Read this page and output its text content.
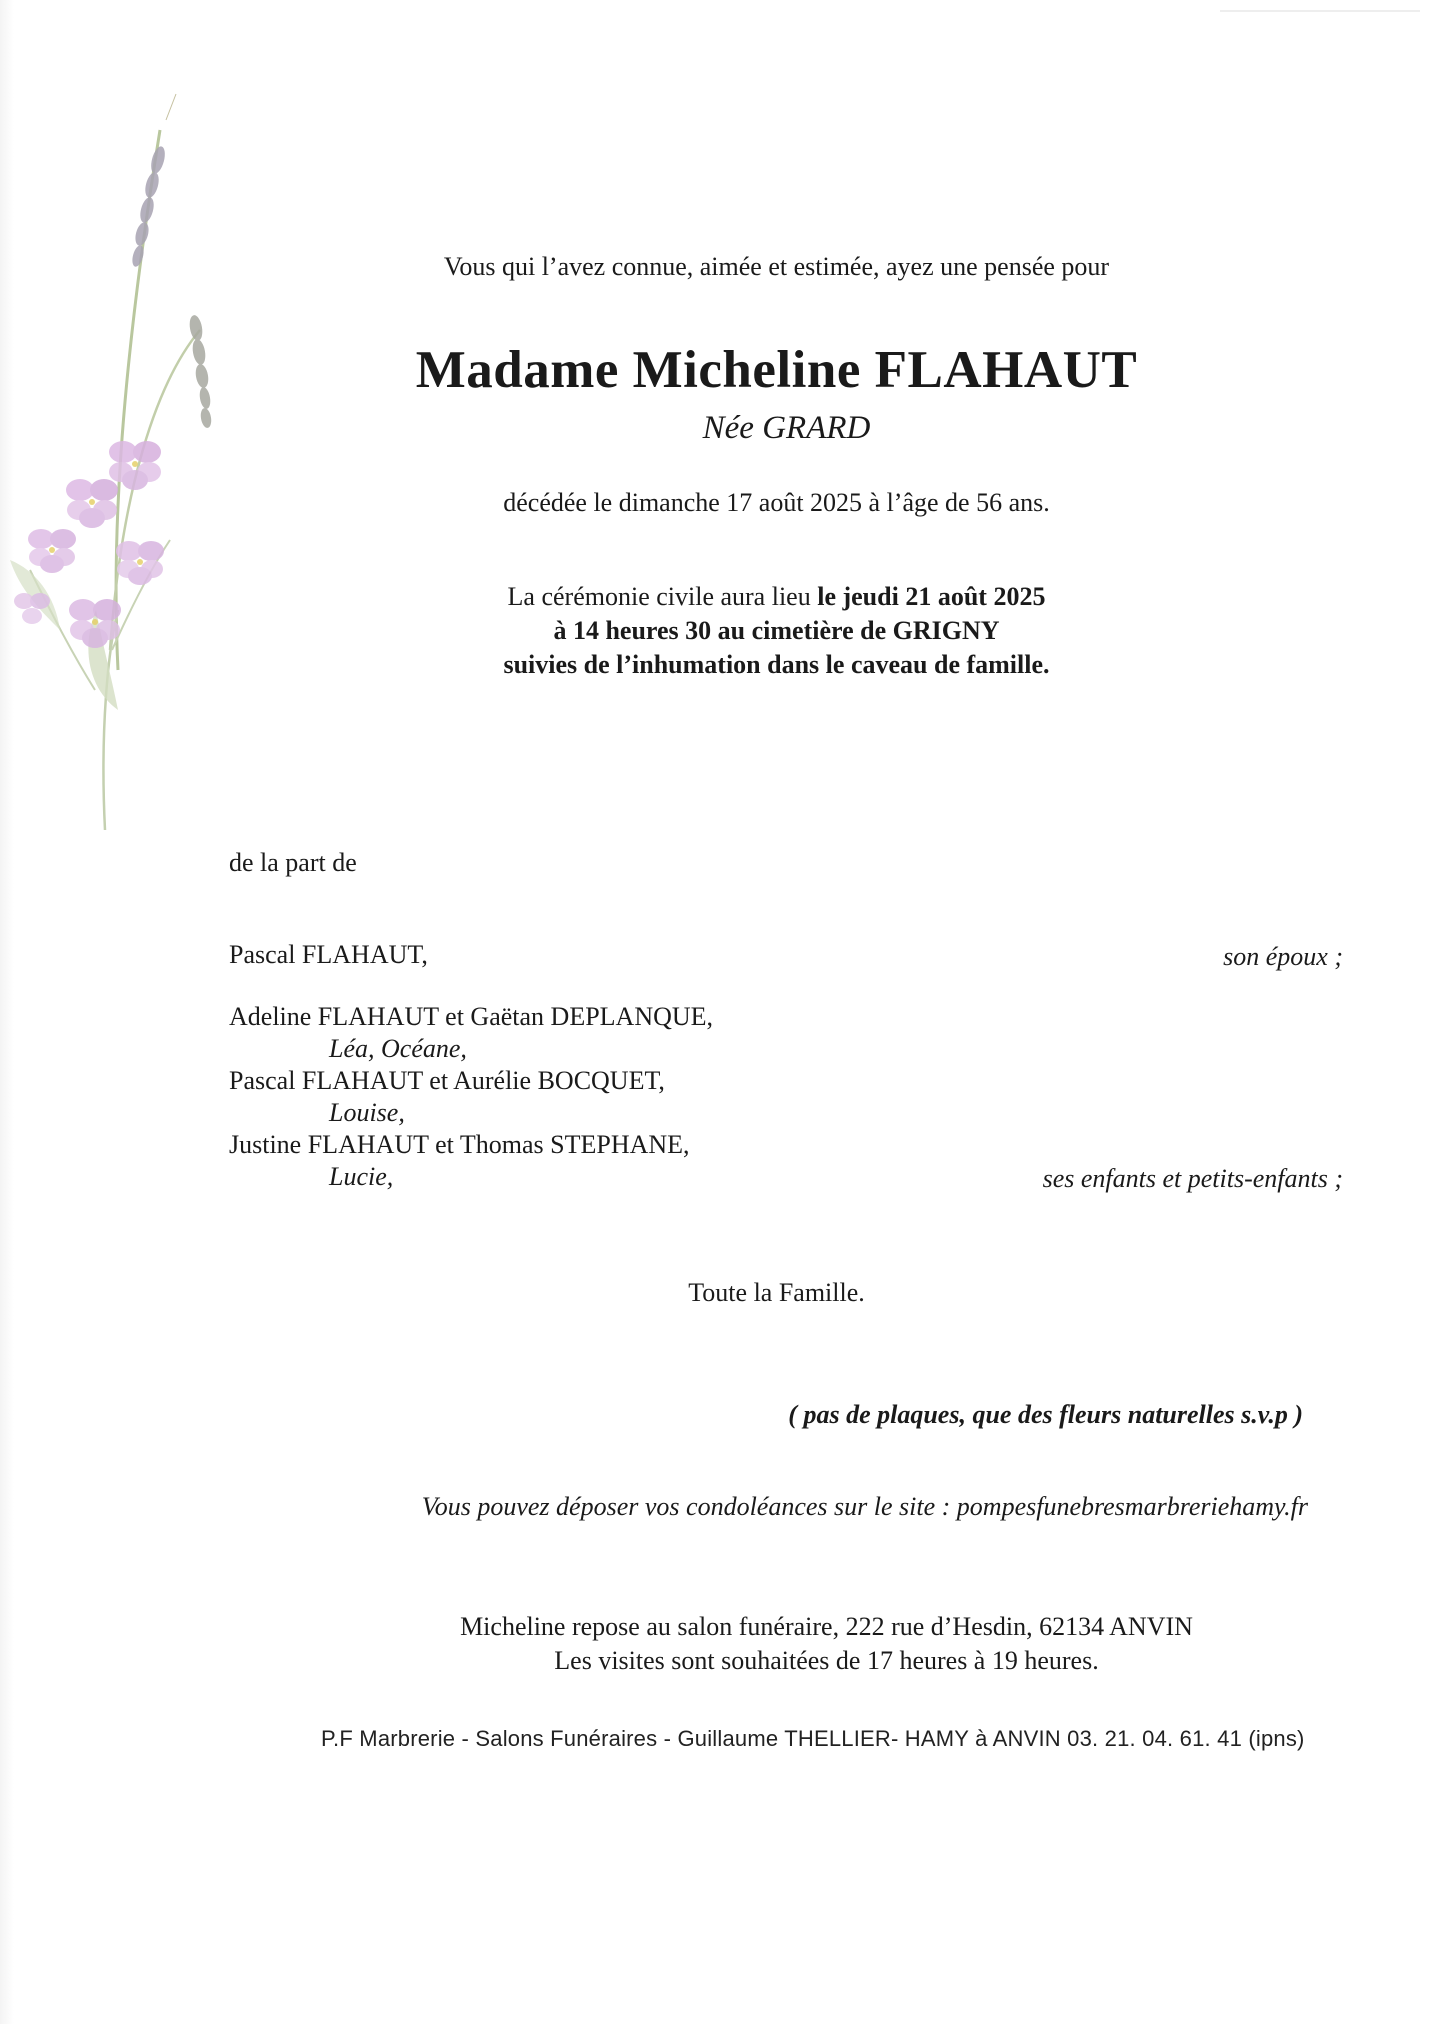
Vous qui l’avez connue, aimée et estimée, ayez une pensée pour

Madame Micheline FLAHAUT

Née GRARD

décédée le dimanche 17 août 2025 à l’âge de 56 ans.

La cérémonie civile aura lieu le jeudi 21 août 2025
à 14 heures 30 au cimetière de GRIGNY
suivies de l’inhumation dans le caveau de famille.

de la part de

Pascal FLAHAUT,	son époux ;

Adeline FLAHAUT et Gaëtan DEPLANQUE,

Léa, Océane,

Pascal FLAHAUT et Aurélie BOCQUET,

Louise,

Justine FLAHAUT et Thomas STEPHANE,

Lucie,	ses enfants et petits-enfants ;

Toute la Famille.

( pas de plaques, que des fleurs naturelles s.v.p )

Vous pouvez déposer vos condoléances sur le site : pompesfunebresmarbreriehamy.fr

Micheline repose au salon funéraire, 222 rue d’Hesdin, 62134 ANVIN

Les visites sont souhaitées de 17 heures à 19 heures.

P.F Marbrerie - Salons Funéraires - Guillaume THELLIER- HAMY à ANVIN 03. 21. 04. 61. 41 (ipns)
